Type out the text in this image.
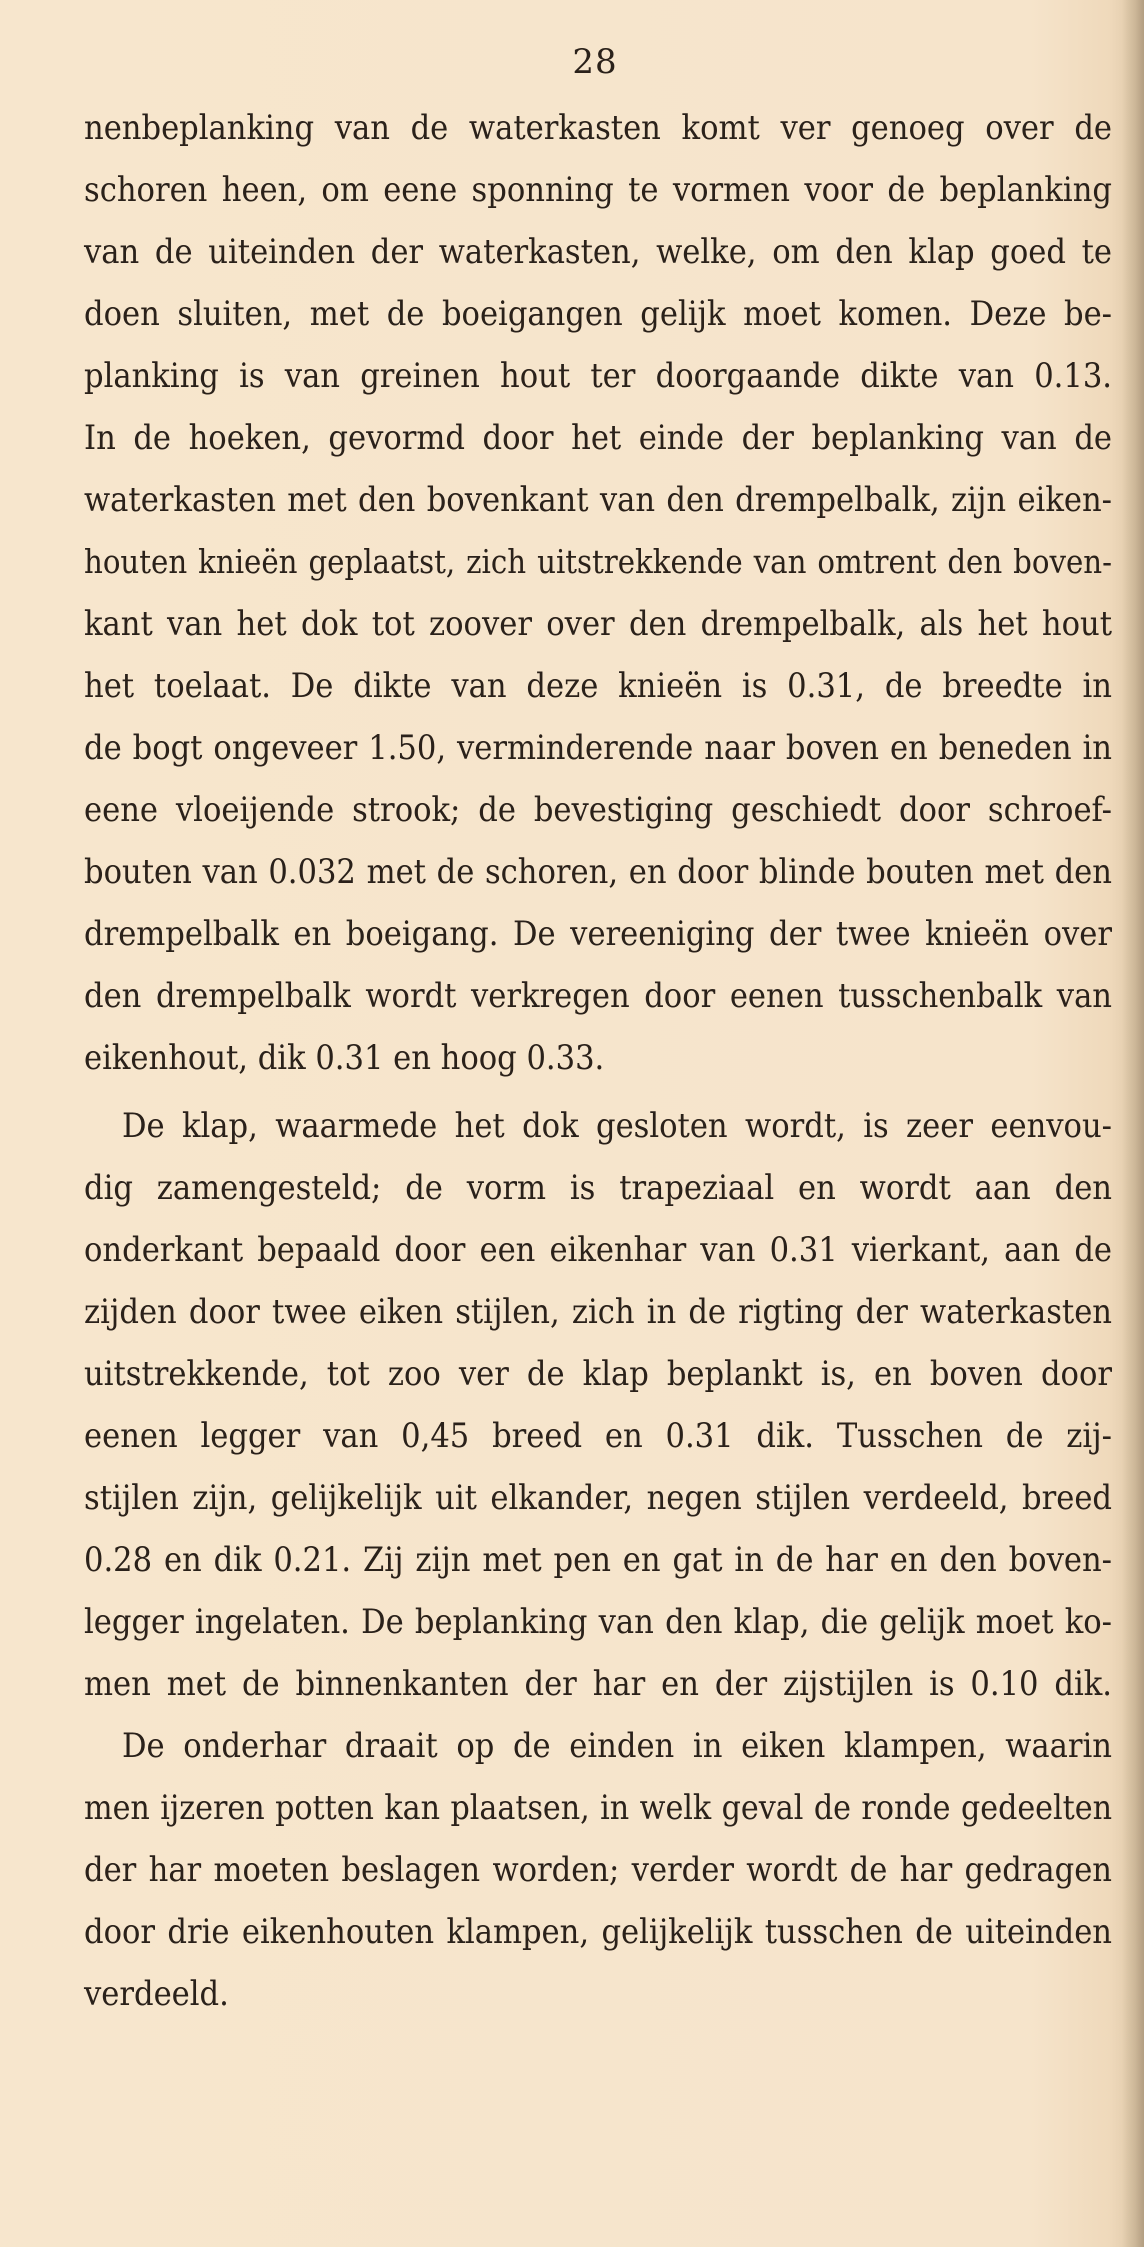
28
nenbeplanking van de waterkasten komt ver genoeg over de
schoren heen, om eene sponning te vormen voor de beplanking
van de uiteinden der waterkasten, welke, om den klap goed te
doen sluiten, met de boeigangen gelijk moet komen. Deze be-
planking is van greinen hout ter doorgaande dikte van 0.13.
In de hoeken, gevormd door het einde der beplanking van de
waterkasten met den bovenkant van den drempelbalk, zijn eiken-
houten knieën geplaatst, zich uitstrekkende van omtrent den boven-
kant van het dok tot zoover over den drempelbalk, als het hout
het toelaat. De dikte van deze knieën is 0.31, de breedte in
de bogt ongeveer 1.50, verminderende naar boven en beneden in
eene vloeijende strook; de bevestiging geschiedt door schroef-
bouten van 0.032 met de schoren, en door blinde bouten met den
drempelbalk en boeigang. De vereeniging der twee knieën over
den drempelbalk wordt verkregen door eenen tusschenbalk van
eikenhout, dik 0.31 en hoog 0.33.
De klap, waarmede het dok gesloten wordt, is zeer eenvou-
dig zamengesteld; de vorm is trapeziaal en wordt aan den
onderkant bepaald door een eikenhar van 0.31 vierkant, aan de
zijden door twee eiken stijlen, zich in de rigting der waterkasten
uitstrekkende, tot zoo ver de klap beplankt is, en boven door
eenen legger van 0,45 breed en 0.31 dik. Tusschen de zij-
stijlen zijn, gelijkelijk uit elkander, negen stijlen verdeeld, breed
0.28 en dik 0.21. Zij zijn met pen en gat in de har en den boven-
legger ingelaten. De beplanking van den klap, die gelijk moet ko-
men met de binnenkanten der har en der zijstijlen is 0.10 dik.
De onderhar draait op de einden in eiken klampen, waarin
men ijzeren potten kan plaatsen, in welk geval de ronde gedeelten
der har moeten beslagen worden; verder wordt de har gedragen
door drie eikenhouten klampen, gelijkelijk tusschen de uiteinden
verdeeld.
